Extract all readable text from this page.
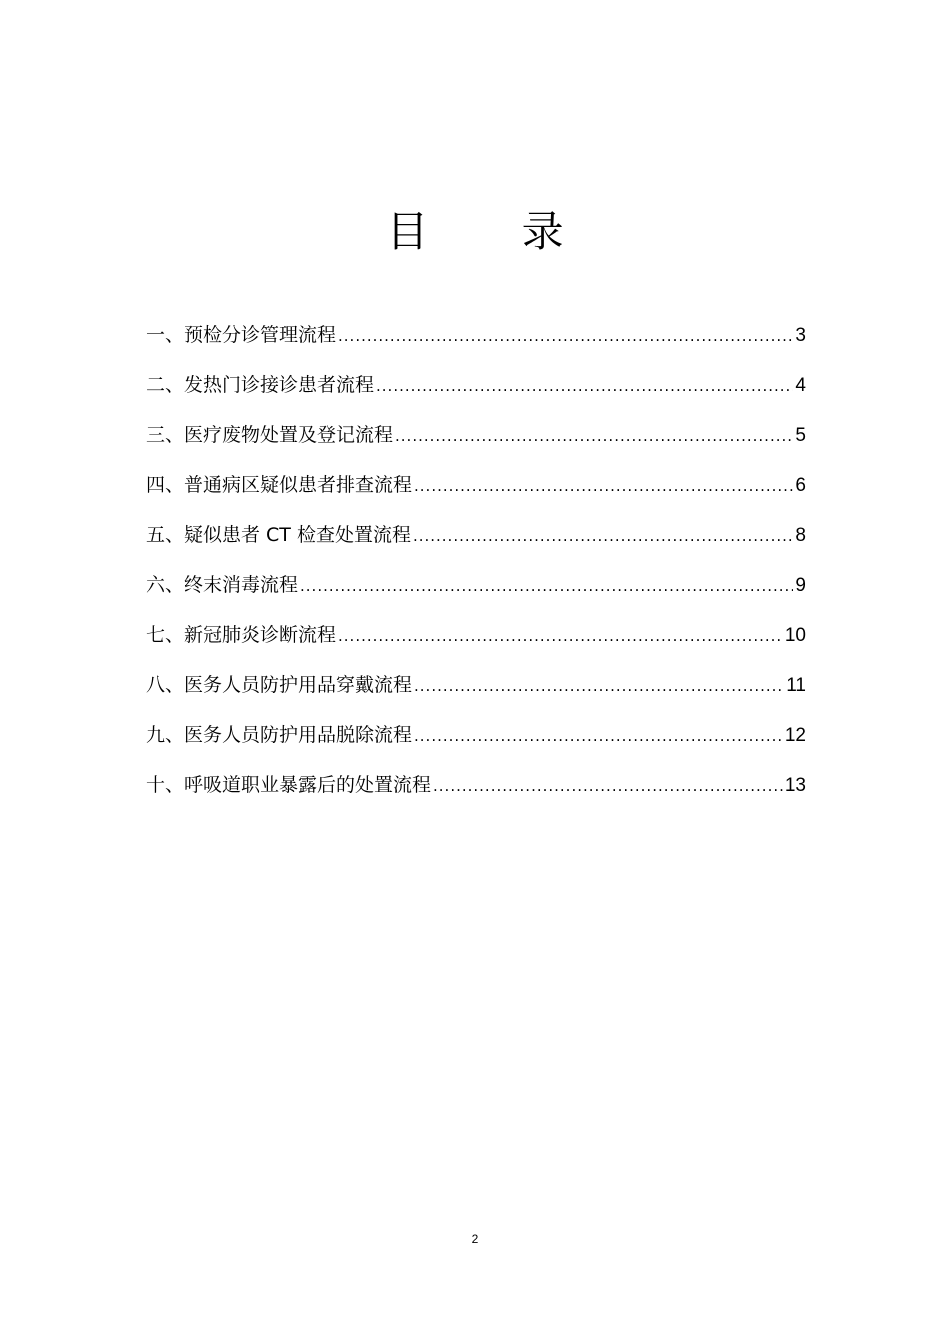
目 录
一、预检分诊管理流程 .....	3
二、发热门诊接诊患者流程 .....	4
三、医疗废物处置及登记流程 .....	5
四、普通病区疑似患者排查流程 .....	6
五、疑似患者 CT 检查处置流程 .....	8
六、终末消毒流程 .....	9
七、新冠肺炎诊断流程 .....	10
八、医务人员防护用品穿戴流程 .....	11
九、医务人员防护用品脱除流程 .....	12
十、呼吸道职业暴露后的处置流程 .....	13
2
